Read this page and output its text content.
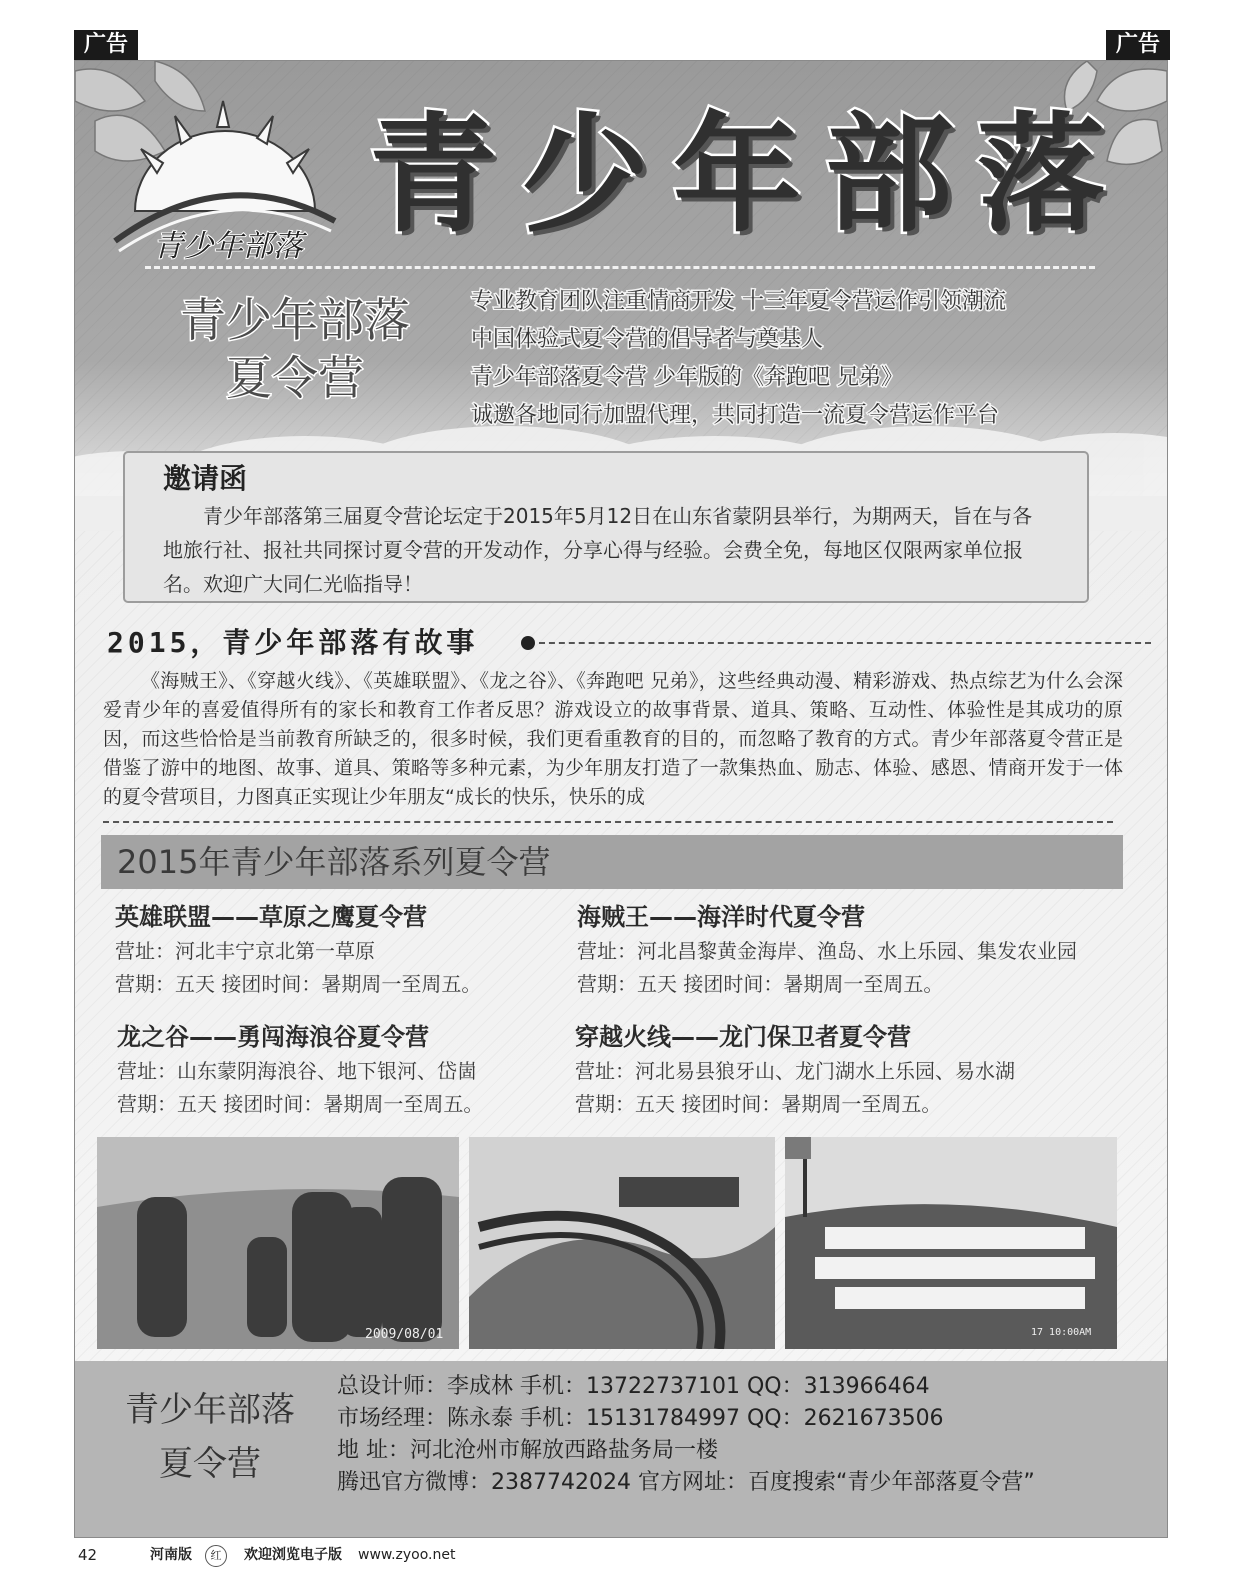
广告	广告
青少年部落 青少年部落
青少年部落
夏令营
专业教育团队注重情商开发 十三年夏令营运作引领潮流
中国体验式夏令营的倡导者与奠基人
青少年部落夏令营 少年版的《奔跑吧 兄弟》
诚邀各地同行加盟代理，共同打造一流夏令营运作平台
邀请函

青少年部落第三届夏令营论坛定于2015年5月12日在山东省蒙阴县举行，为期两天，旨在与各地旅行社、报社共同探讨夏令营的开发动作，分享心得与经验。会费全免，每地区仅限两家单位报名。欢迎广大同仁光临指导！

2015，青少年部落有故事

《海贼王》、《穿越火线》、《英雄联盟》、《龙之谷》、《奔跑吧 兄弟》，这些经典动漫、精彩游戏、热点综艺为什么会深爱青少年的喜爱值得所有的家长和教育工作者反思？游戏设立的故事背景、道具、策略、互动性、体验性是其成功的原因，而这些恰恰是当前教育所缺乏的，很多时候，我们更看重教育的目的，而忽略了教育的方式。青少年部落夏令营正是借鉴了游中的地图、故事、道具、策略等多种元素，为少年朋友打造了一款集热血、励志、体验、感恩、情商开发于一体的夏令营项目，力图真正实现让少年朋友“成长的快乐，快乐的成

2015年青少年部落系列夏令营
英雄联盟——草原之鹰夏令营
营址：河北丰宁京北第一草原
营期：五天 接团时间：暑期周一至周五。
海贼王——海洋时代夏令营
营址：河北昌黎黄金海岸、渔岛、水上乐园、集发农业园
营期：五天 接团时间：暑期周一至周五。
龙之谷——勇闯海浪谷夏令营
营址：山东蒙阴海浪谷、地下银河、岱崮
营期：五天 接团时间：暑期周一至周五。
穿越火线——龙门保卫者夏令营
营址：河北易县狼牙山、龙门湖水上乐园、易水湖
营期：五天 接团时间：暑期周一至周五。
2009/08/01	17 10:00AM
青少年部落
夏令营
总设计师：李成林 手机：13722737101 QQ：313966464
市场经理：陈永泰 手机：15131784997 QQ：2621673506
地 址：河北沧州市解放西路盐务局一楼
腾迅官方微博：2387742024 官方网址：百度搜索“青少年部落夏令营”
42	河南版	红	欢迎浏览电子版 www.zyoo.net
